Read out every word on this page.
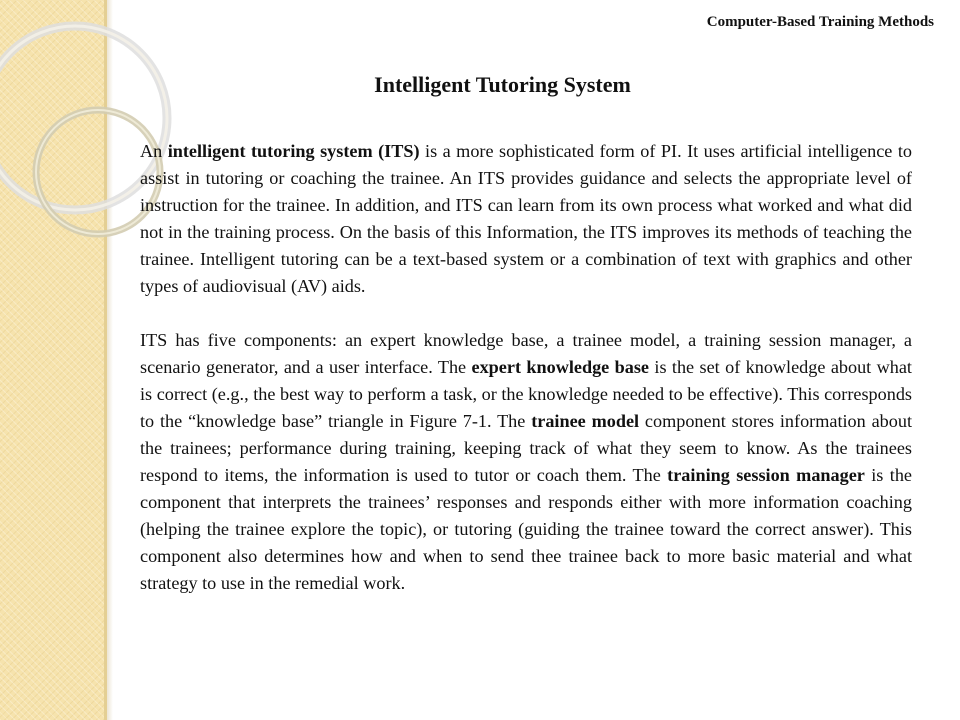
Computer-Based Training Methods
Intelligent Tutoring System

An intelligent tutoring system (ITS) is a more sophisticated form of PI. It uses artificial intelligence to assist in tutoring or coaching the trainee. An ITS provides guidance and selects the appropriate level of instruction for the trainee. In addition, and ITS can learn from its own process what worked and what did not in the training process. On the basis of this Information, the ITS improves its methods of teaching the trainee. Intelligent tutoring can be a text-based system or a combination of text with graphics and other types of audiovisual (AV) aids.

ITS has five components: an expert knowledge base, a trainee model, a training session manager, a scenario generator, and a user interface. The expert knowledge base is the set of knowledge about what is correct (e.g., the best way to perform a task, or the knowledge needed to be effective). This corresponds to the “knowledge base” triangle in Figure 7-1. The trainee model component stores information about the trainees; performance during training, keeping track of what they seem to know. As the trainees respond to items, the information is used to tutor or coach them. The training session manager is the component that interprets the trainees’ responses and responds either with more information coaching (helping the trainee explore the topic), or tutoring (guiding the trainee toward the correct answer). This component also determines how and when to send thee trainee back to more basic material and what strategy to use in the remedial work.
